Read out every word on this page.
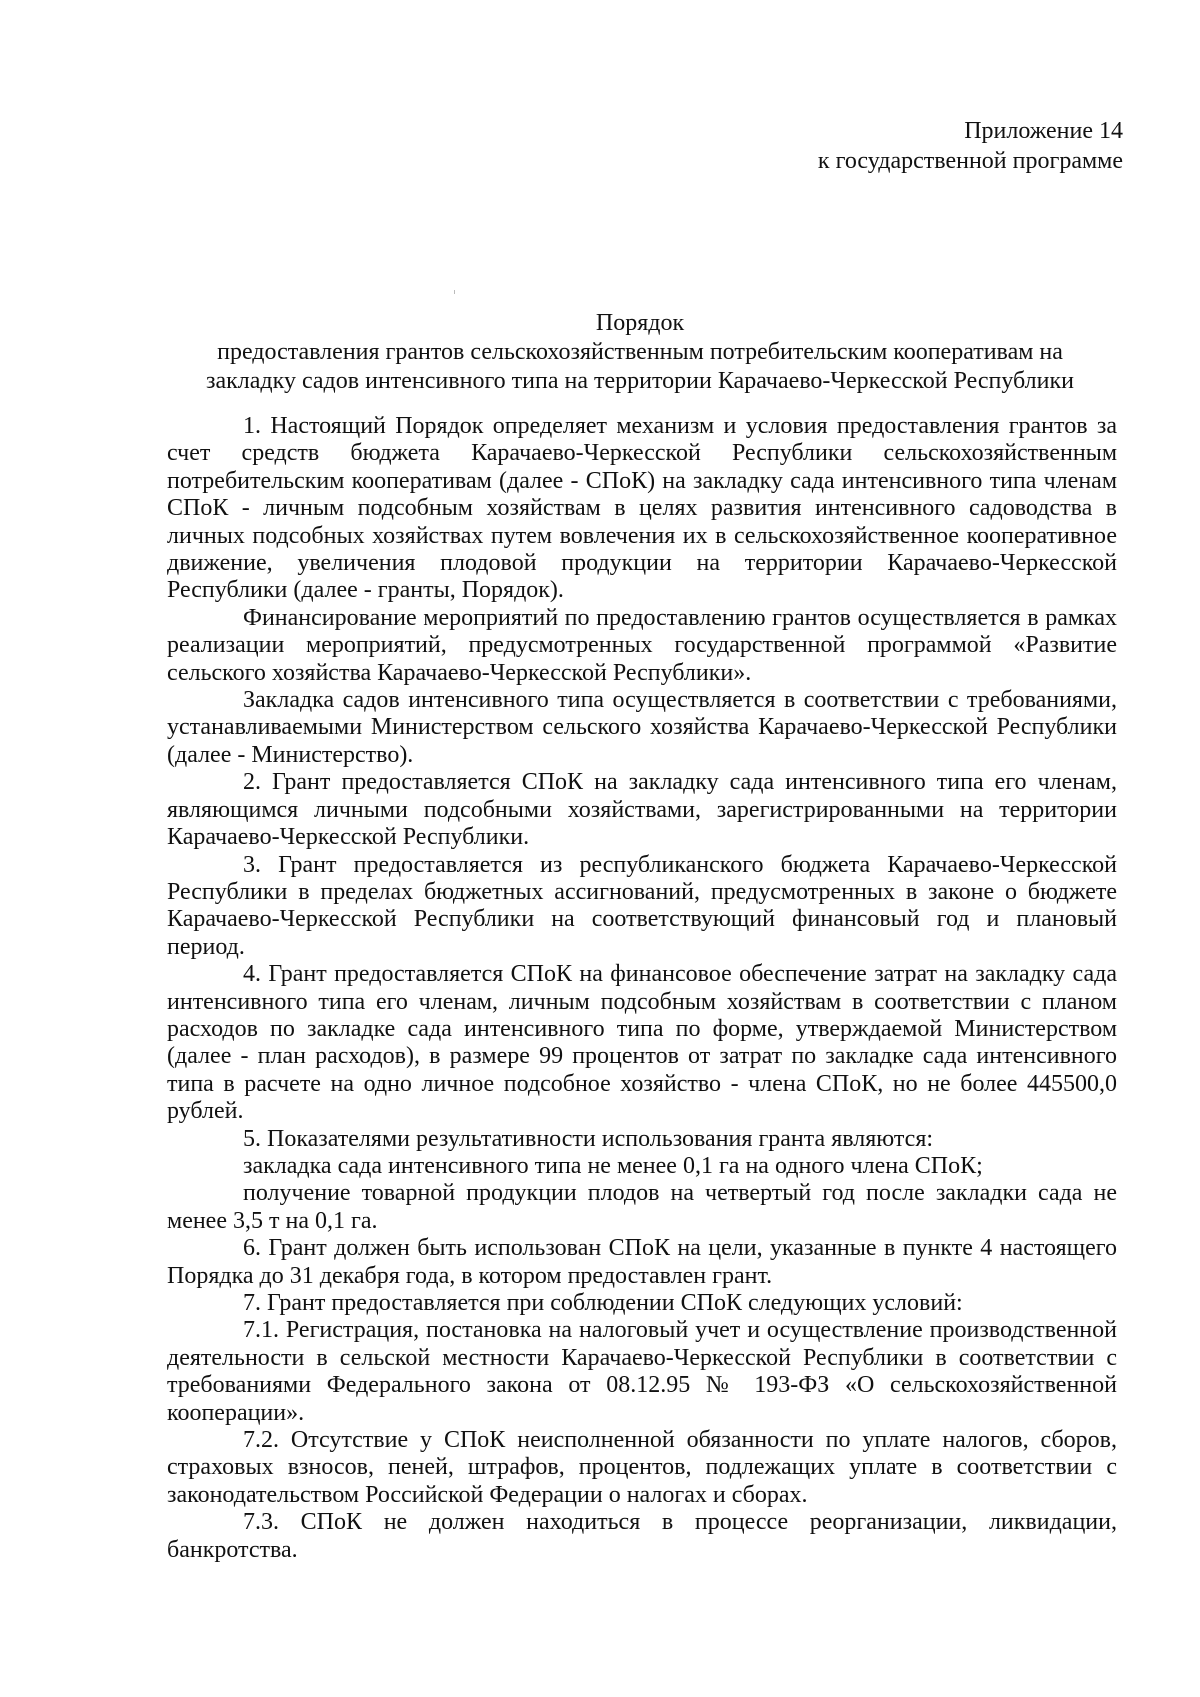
Приложение 14
к государственной программе
Порядок
предоставления грантов сельскохозяйственным потребительским кооперативам на
закладку садов интенсивного типа на территории Карачаево-Черкесской Республики

1. Настоящий Порядок определяет механизм и условия предоставления грантов за счет средств бюджета Карачаево-Черкесской Республики сельскохозяйственным потребительским кооперативам (далее - СПоК) на закладку сада интенсивного типа членам СПоК - личным подсобным хозяйствам в целях развития интенсивного садоводства в личных подсобных хозяйствах путем вовлечения их в сельскохозяйственное кооперативное движение, увеличения плодовой продукции на территории Карачаево-Черкесской Республики (далее - гранты, Порядок).

Финансирование мероприятий по предоставлению грантов осуществляется в рамках реализации мероприятий, предусмотренных государственной программой «Развитие сельского хозяйства Карачаево-Черкесской Республики».

Закладка садов интенсивного типа осуществляется в соответствии с требованиями, устанавливаемыми Министерством сельского хозяйства Карачаево-Черкесской Республики (далее - Министерство).

2. Грант предоставляется СПоК на закладку сада интенсивного типа его членам, являющимся личными подсобными хозяйствами, зарегистрированными на территории Карачаево-Черкесской Республики.

3. Грант предоставляется из республиканского бюджета Карачаево-Черкесской Республики в пределах бюджетных ассигнований, предусмотренных в законе о бюджете Карачаево-Черкесской Республики на соответствующий финансовый год и плановый период.

4. Грант предоставляется СПоК на финансовое обеспечение затрат на закладку сада интенсивного типа его членам, личным подсобным хозяйствам в соответствии с планом расходов по закладке сада интенсивного типа по форме, утверждаемой Министерством (далее - план расходов), в размере 99 процентов от затрат по закладке сада интенсивного типа в расчете на одно личное подсобное хозяйство - члена СПоК, но не более 445500,0 рублей.

5. Показателями результативности использования гранта являются:

закладка сада интенсивного типа не менее 0,1 га на одного члена СПоК;

получение товарной продукции плодов на четвертый год после закладки сада не менее 3,5 т на 0,1 га.

6. Грант должен быть использован СПоК на цели, указанные в пункте 4 настоящего Порядка до 31 декабря года, в котором предоставлен грант.

7. Грант предоставляется при соблюдении СПоК следующих условий:

7.1. Регистрация, постановка на налоговый учет и осуществление производственной деятельности в сельской местности Карачаево-Черкесской Республики в соответствии с требованиями Федерального закона от 08.12.95 № 193-ФЗ «О сельскохозяйственной кооперации».

7.2. Отсутствие у СПоК неисполненной обязанности по уплате налогов, сборов, страховых взносов, пеней, штрафов, процентов, подлежащих уплате в соответствии с законодательством Российской Федерации о налогах и сборах.

7.3. СПоК не должен находиться в процессе реорганизации, ликвидации, банкротства.
